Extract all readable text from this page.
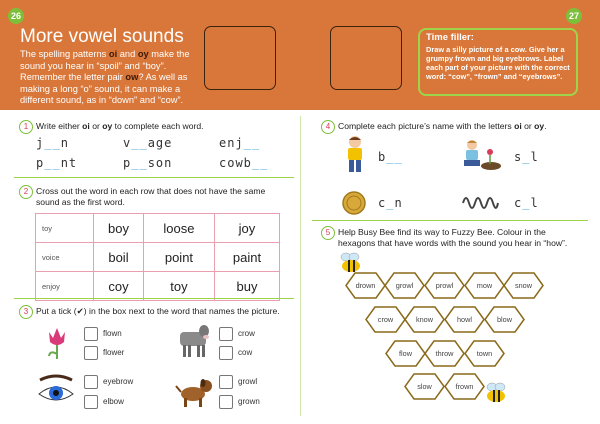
26	27
More vowel sounds
The spelling patterns oi and oy make the sound you hear in “spoil” and “boy”. Remember the letter pair ow? As well as making a long “o” sound, it can make a different sound, as in “down” and “cow”.
Time filler:
Draw a silly picture of a cow. Give her a grumpy frown and big eyebrows. Label each part of your picture with the correct word: “cow”, “frown” and “eyebrows”.
1 Write either oi or oy to complete each word.
j__n	v__age	enj__
p__nt	p__son	cowb__
2 Cross out the word in each row that does not have the same sound as the first word.
toy	boy	loose	joy
voice	boil	point	paint
enjoy	coy	toy	buy
3 Put a tick (✔) in the box next to the word that names the picture.
flown
flower
crow
cow
eyebrow
elbow
growl
grown
4 Complete each picture’s name with the letters oi or oy.
b__	s_l
c_n	c_l
5 Help Busy Bee find its way to Fuzzy Bee. Colour in the hexagons that have words with the sound you hear in “how”.
drown	growl	prowl	mow	snow
crow	know	howl	blow
flow	throw	town
slow	frown
